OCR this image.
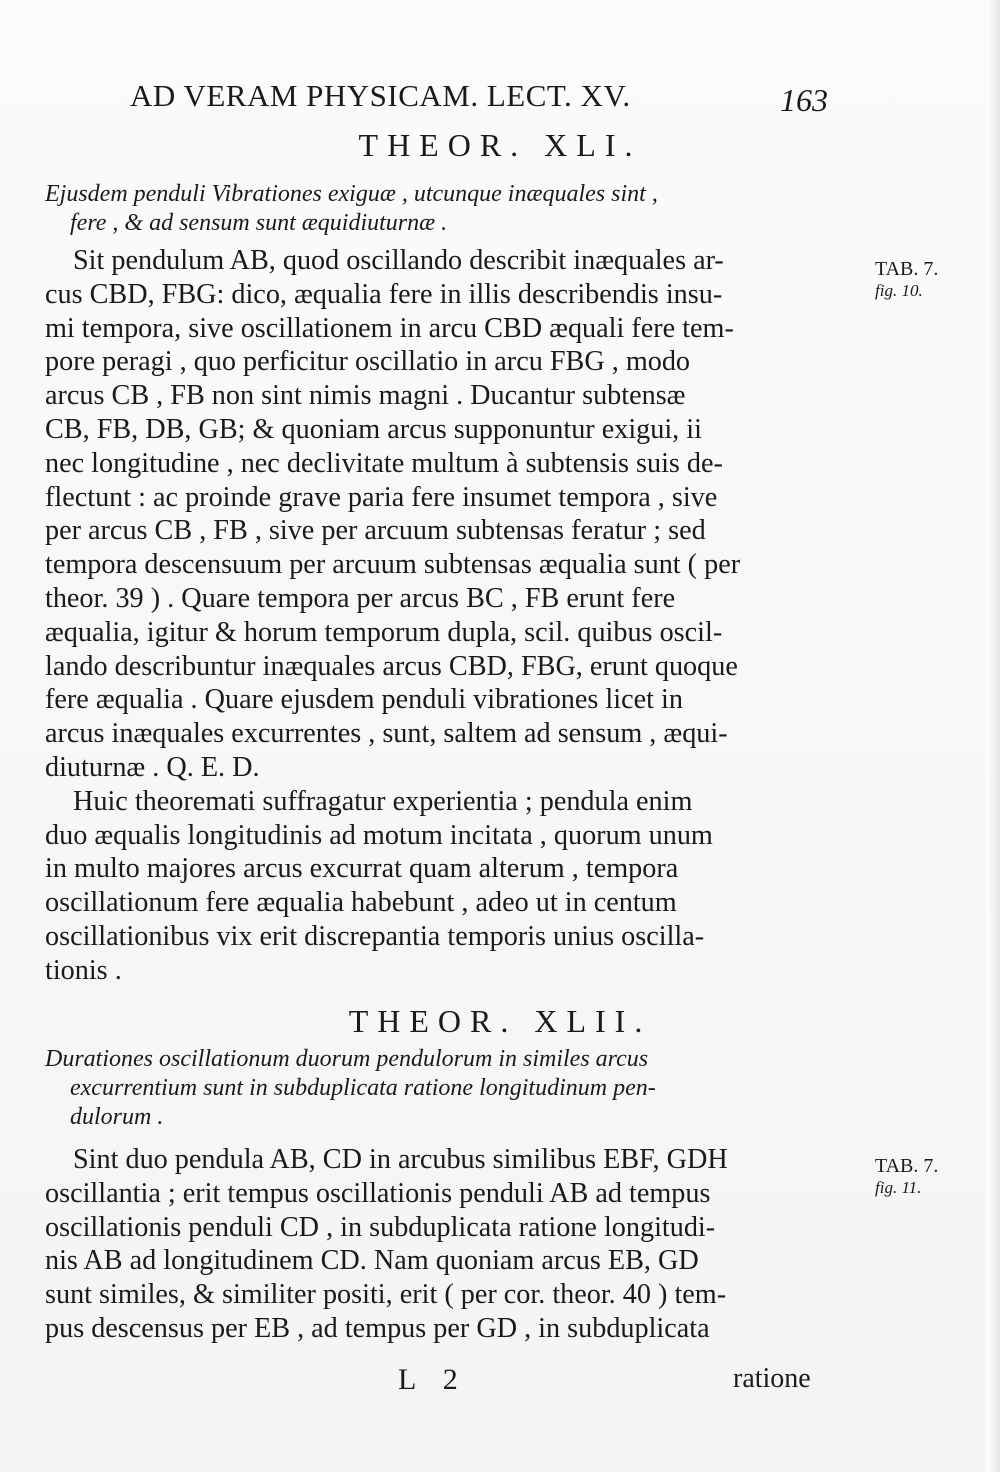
AD VERAM PHYSICAM. LECT. XV.	163
THEOR. XLI.
Ejusdem penduli Vibrationes exiguæ , utcunque inæquales sint ,
fere , & ad sensum sunt æquidiuturnæ .
TAB. 7.
fig. 10.
Sit pendulum AB, quod oscillando describit inæquales ar-
cus CBD, FBG: dico, æqualia fere in illis describendis insu-
mi tempora, sive oscillationem in arcu CBD æquali fere tem-
pore peragi , quo perficitur oscillatio in arcu FBG , modo
arcus CB , FB non sint nimis magni . Ducantur subtensæ
CB, FB, DB, GB; & quoniam arcus supponuntur exigui, ii
nec longitudine , nec declivitate multum à subtensis suis de-
flectunt : ac proinde grave paria fere insumet tempora , sive
per arcus CB , FB , sive per arcuum subtensas feratur ; sed
tempora descensuum per arcuum subtensas æqualia sunt ( per
theor. 39 ) . Quare tempora per arcus BC , FB erunt fere
æqualia, igitur & horum temporum dupla, scil. quibus oscil-
lando describuntur inæquales arcus CBD, FBG, erunt quoque
fere æqualia . Quare ejusdem penduli vibrationes licet in
arcus inæquales excurrentes , sunt, saltem ad sensum , æqui-
diuturnæ . Q. E. D.
Huic theoremati suffragatur experientia ; pendula enim
duo æqualis longitudinis ad motum incitata , quorum unum
in multo majores arcus excurrat quam alterum , tempora
oscillationum fere æqualia habebunt , adeo ut in centum
oscillationibus vix erit discrepantia temporis unius oscilla-
tionis .
THEOR. XLII.
Durationes oscillationum duorum pendulorum in similes arcus
excurrentium sunt in subduplicata ratione longitudinum pen-
dulorum .
TAB. 7.
fig. 11.
Sint duo pendula AB, CD in arcubus similibus EBF, GDH
oscillantia ; erit tempus oscillationis penduli AB ad tempus
oscillationis penduli CD , in subduplicata ratione longitudi-
nis AB ad longitudinem CD. Nam quoniam arcus EB, GD
sunt similes, & similiter positi, erit ( per cor. theor. 40 ) tem-
pus descensus per EB , ad tempus per GD , in subduplicata
L 2	ratione
